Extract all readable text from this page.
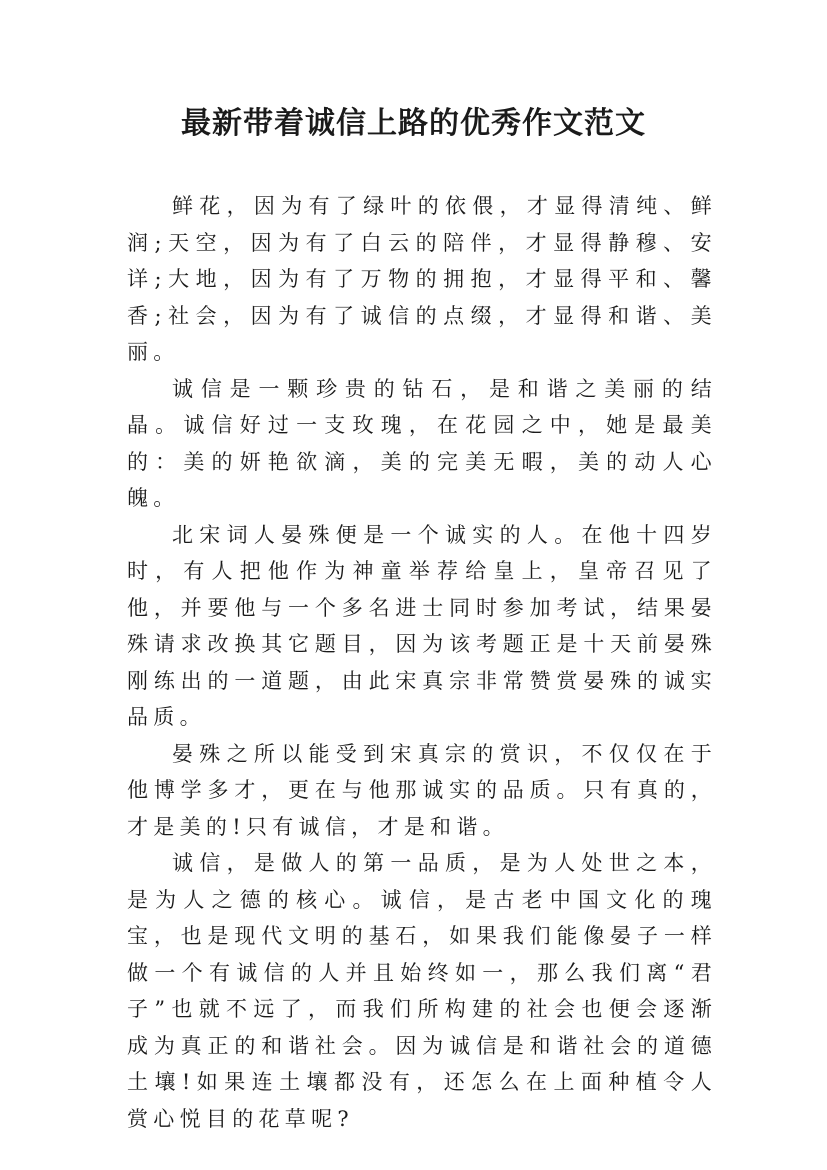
最新带着诚信上路的优秀作文范文

鲜花，因为有了绿叶的依偎，才显得清纯、鲜润;天空，因为有了白云的陪伴，才显得静穆、安详;大地，因为有了万物的拥抱，才显得平和、馨香;社会，因为有了诚信的点缀，才显得和谐、美丽。

诚信是一颗珍贵的钻石，是和谐之美丽的结晶。诚信好过一支玫瑰，在花园之中，她是最美的：美的妍艳欲滴，美的完美无暇，美的动人心魄。

北宋词人晏殊便是一个诚实的人。在他十四岁时，有人把他作为神童举荐给皇上，皇帝召见了他，并要他与一个多名进士同时参加考试，结果晏殊请求改换其它题目，因为该考题正是十天前晏殊刚练出的一道题，由此宋真宗非常赞赏晏殊的诚实品质。

晏殊之所以能受到宋真宗的赏识，不仅仅在于他博学多才，更在与他那诚实的品质。只有真的，才是美的!只有诚信，才是和谐。

诚信，是做人的第一品质，是为人处世之本，是为人之德的核心。诚信，是古老中国文化的瑰宝，也是现代文明的基石，如果我们能像晏子一样做一个有诚信的人并且始终如一，那么我们离“君子”也就不远了，而我们所构建的社会也便会逐渐成为真正的和谐社会。因为诚信是和谐社会的道德土壤!如果连土壤都没有，还怎么在上面种植令人赏心悦目的花草呢?
